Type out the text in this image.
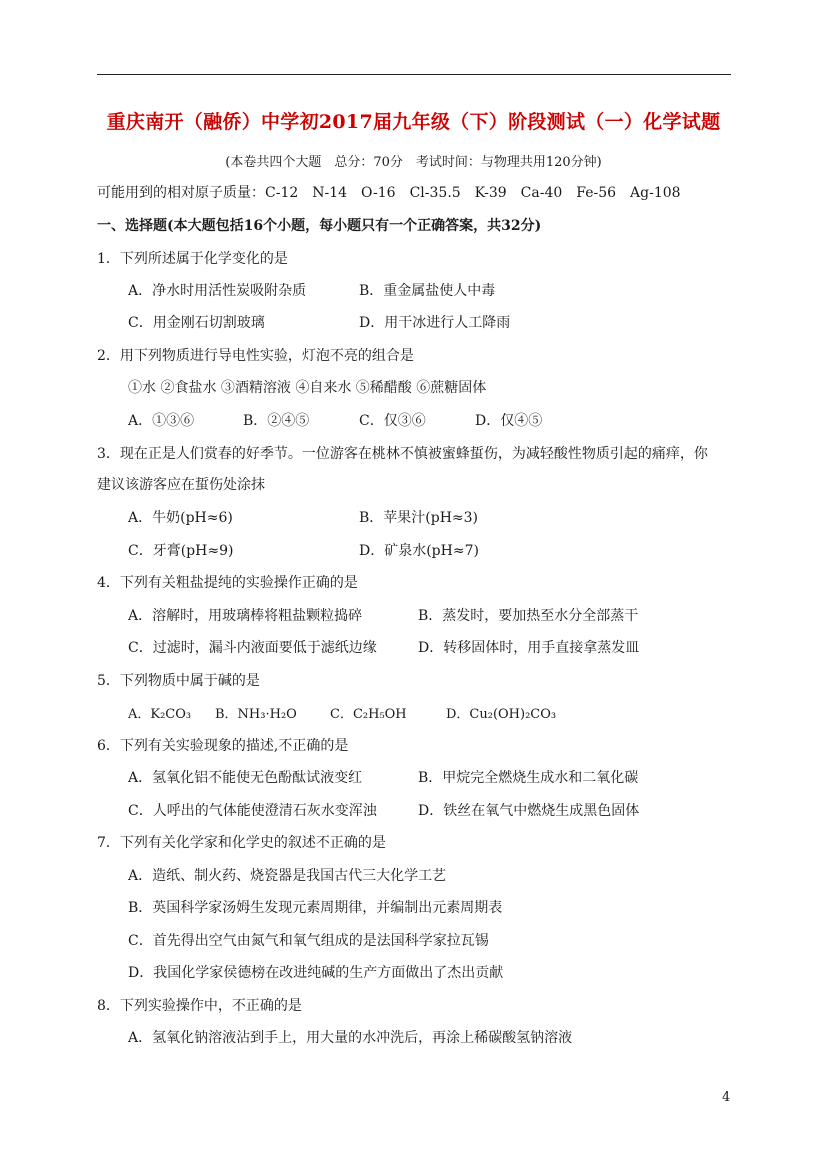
重庆南开（融侨）中学初2017届九年级（下）阶段测试（一）化学试题
(本卷共四个大题　总分：70分　考试时间：与物理共用120分钟)
可能用到的相对原子质量：C-12　N-14　O-16　Cl-35.5　K-39　Ca-40　Fe-56　Ag-108
一、选择题(本大题包括16个小题，每小题只有一个正确答案，共32分)
1．下列所述属于化学变化的是
A．净水时用活性炭吸附杂质	B．重金属盐使人中毒
C．用金刚石切割玻璃	D．用干冰进行人工降雨
2．用下列物质进行导电性实验，灯泡不亮的组合是
①水 ②食盐水 ③酒精溶液 ④自来水 ⑤稀醋酸 ⑥蔗糖固体
A．①③⑥	B．②④⑤	C．仅③⑥	D．仅④⑤
3．现在正是人们赏春的好季节。一位游客在桃林不慎被蜜蜂蜇伤，为减轻酸性物质引起的痛痒，你
建议该游客应在蜇伤处涂抹
A．牛奶(pH≈6)	B．苹果汁(pH≈3)
C．牙膏(pH≈9)	D．矿泉水(pH≈7)
4．下列有关粗盐提纯的实验操作正确的是
A．溶解时，用玻璃棒将粗盐颗粒捣碎	B．蒸发时，要加热至水分全部蒸干
C．过滤时，漏斗内液面要低于滤纸边缘	D．转移固体时，用手直接拿蒸发皿
5．下列物质中属于碱的是
A．K₂CO₃ B．NH₃·H₂O	C．C₂H₅OH	D．Cu₂(OH)₂CO₃
6．下列有关实验现象的描述,不正确的是
A．氢氧化铝不能使无色酚酞试液变红	B．甲烷完全燃烧生成水和二氧化碳
C．人呼出的气体能使澄清石灰水变浑浊	D．铁丝在氧气中燃烧生成黑色固体
7．下列有关化学家和化学史的叙述不正确的是
A．造纸、制火药、烧瓷器是我国古代三大化学工艺
B．英国科学家汤姆生发现元素周期律，并编制出元素周期表
C．首先得出空气由氮气和氧气组成的是法国科学家拉瓦锡
D．我国化学家侯德榜在改进纯碱的生产方面做出了杰出贡献
8．下列实验操作中，不正确的是
A．氢氧化钠溶液沾到手上，用大量的水冲洗后，再涂上稀碳酸氢钠溶液
4
